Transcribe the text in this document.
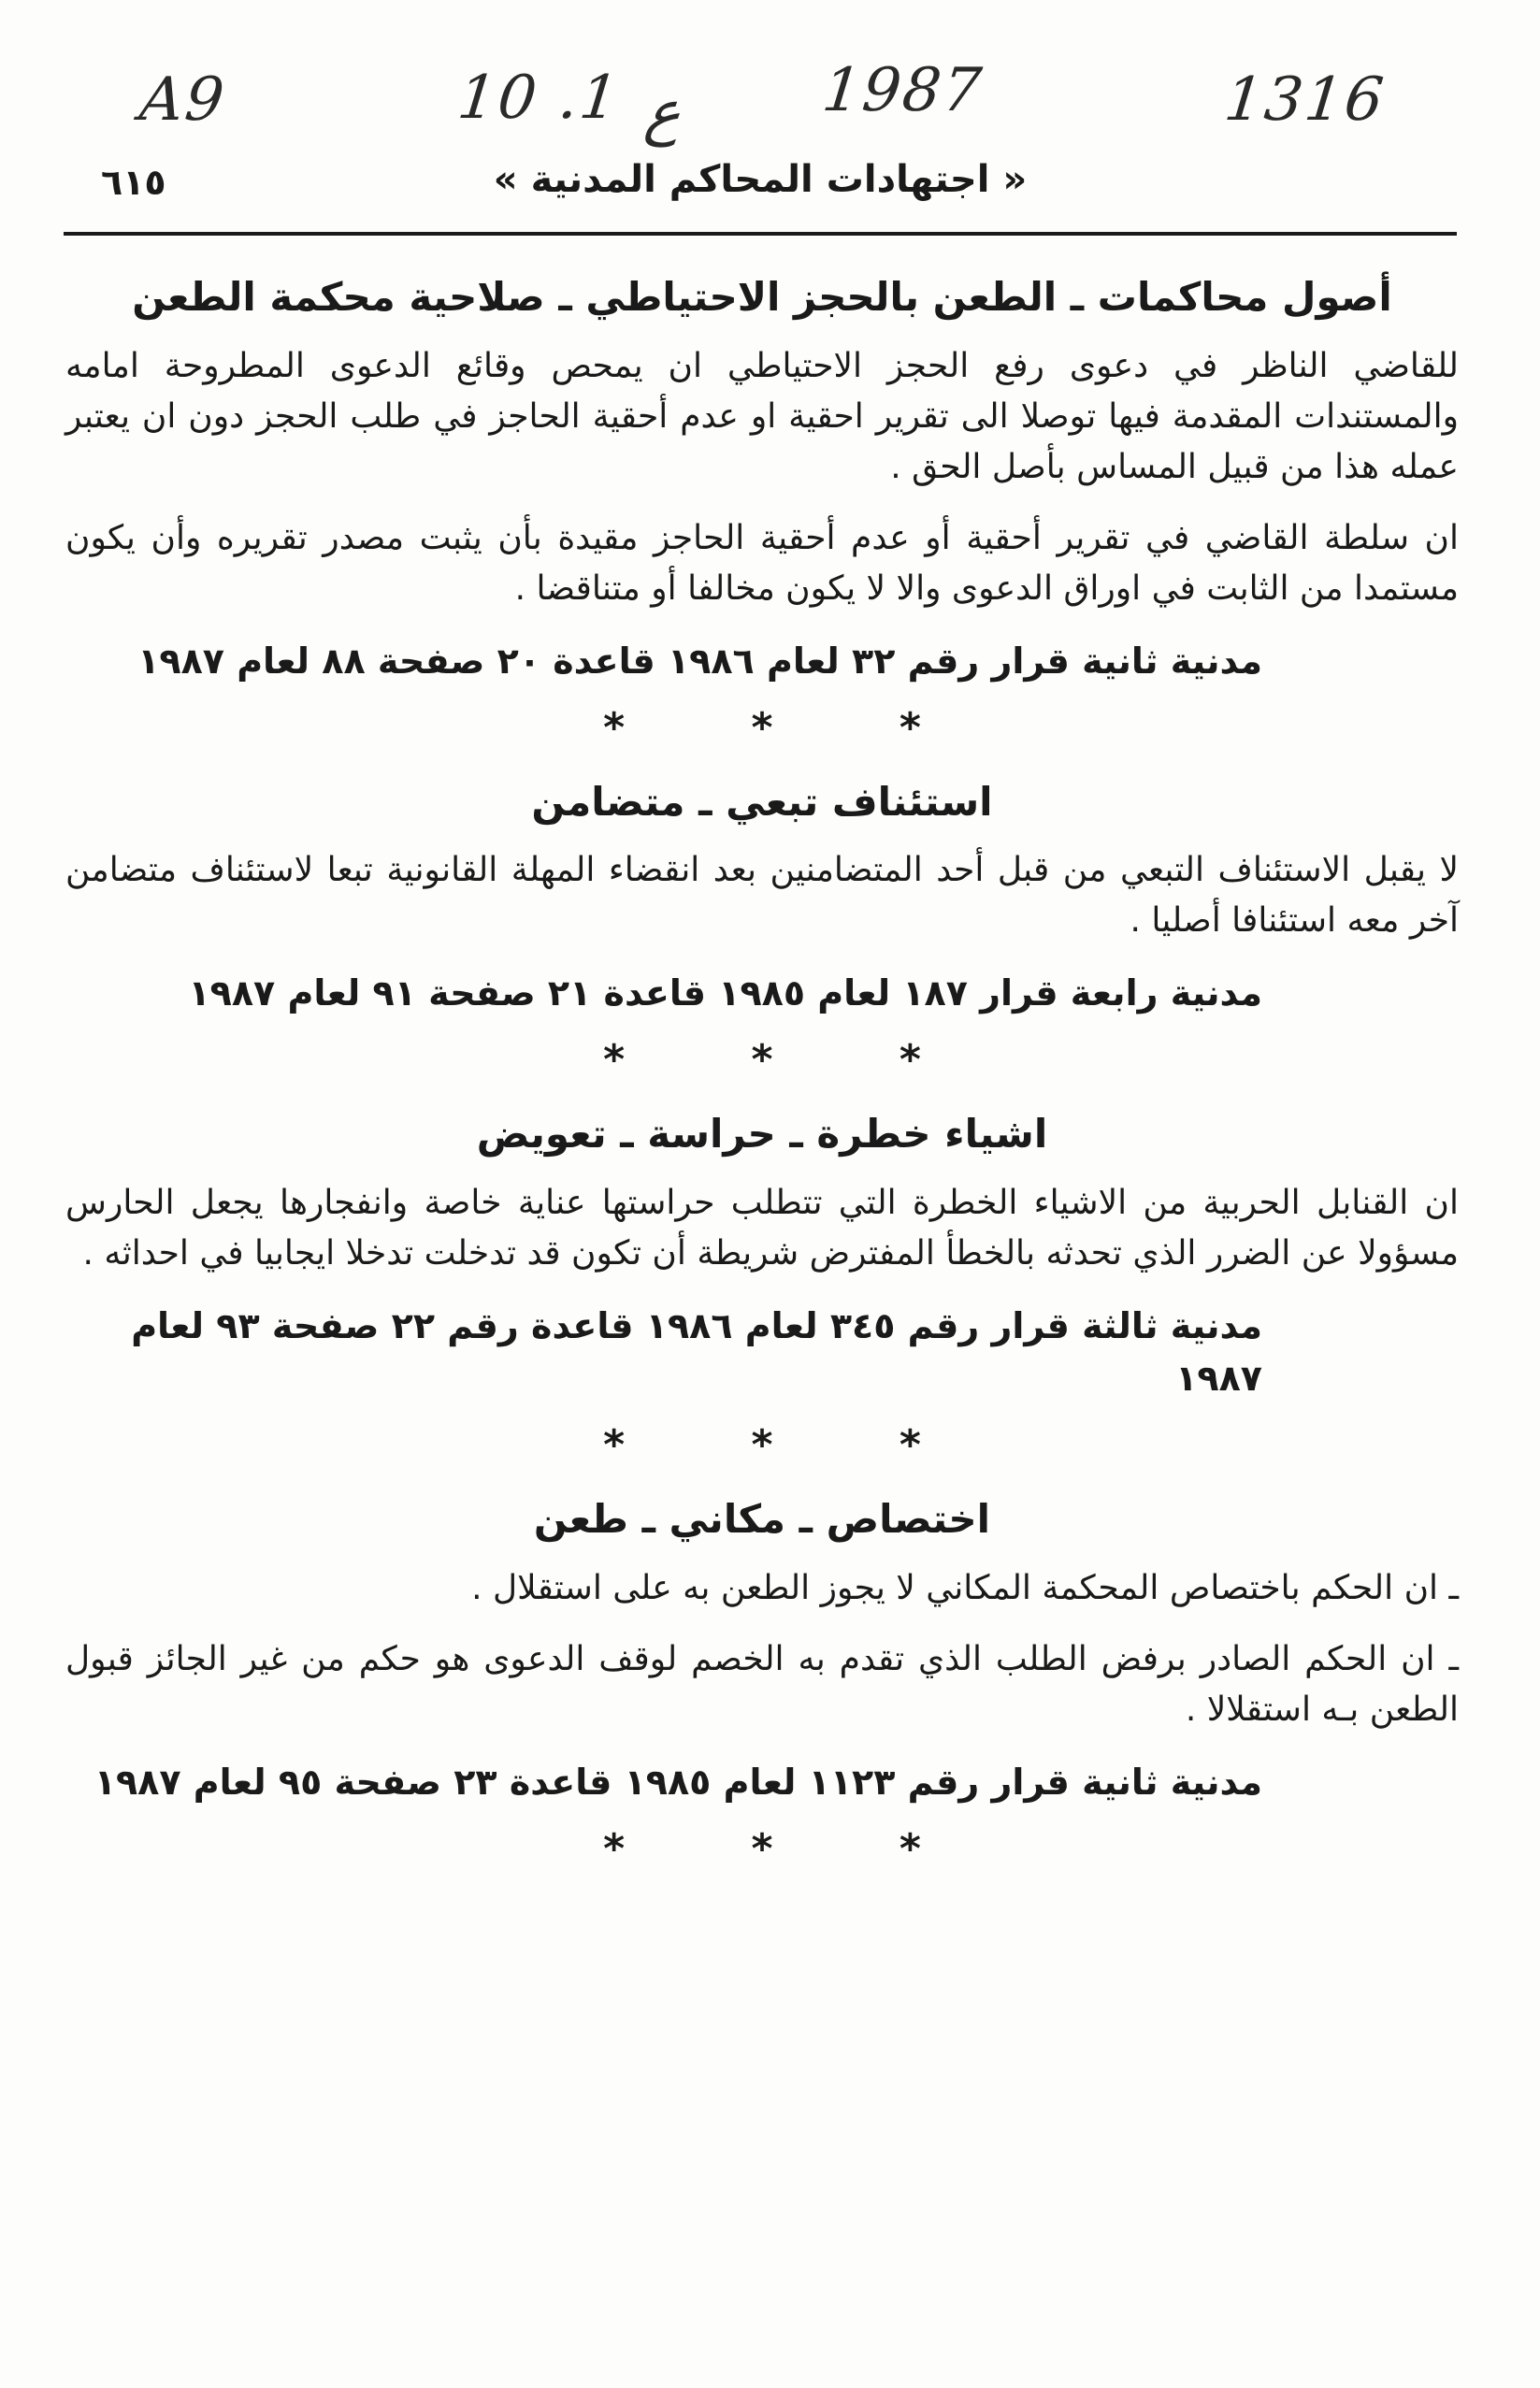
A9	10 .1 ع 1987	1316
« اجتهادات المحاكم المدنية »
٦١٥
أصول محاكمات ـ الطعن بالحجز الاحتياطي ـ صلاحية محكمة الطعن

للقاضي الناظر في دعوى رفع الحجز الاحتياطي ان يمحص وقائع الدعوى المطروحة امامه والمستندات المقدمة فيها توصلا الى تقرير احقية او عدم أحقية الحاجز في طلب الحجز دون ان يعتبر عمله هذا من قبيل المساس بأصل الحق .

ان سلطة القاضي في تقرير أحقية أو عدم أحقية الحاجز مقيدة بأن يثبت مصدر تقريره وأن يكون مستمدا من الثابت في اوراق الدعوى والا لا يكون مخالفا أو متناقضا .

مدنية ثانية قرار رقم ٣٢ لعام ١٩٨٦ قاعدة ٢٠ صفحة ٨٨ لعام ١٩٨٧
* * *
استئناف تبعي ـ متضامن

لا يقبل الاستئناف التبعي من قبل أحد المتضامنين بعد انقضاء المهلة القانونية تبعا لاستئناف متضامن آخر معه استئنافا أصليا .

مدنية رابعة قرار ١٨٧ لعام ١٩٨٥ قاعدة ٢١ صفحة ٩١ لعام ١٩٨٧
* * *
اشياء خطرة ـ حراسة ـ تعويض

ان القنابل الحربية من الاشياء الخطرة التي تتطلب حراستها عناية خاصة وانفجارها يجعل الحارس مسؤولا عن الضرر الذي تحدثه بالخطأ المفترض شريطة أن تكون قد تدخلت تدخلا ايجابيا في احداثه .

مدنية ثالثة قرار رقم ٣٤٥ لعام ١٩٨٦ قاعدة رقم ٢٢ صفحة ٩٣ لعام ١٩٨٧
* * *
اختصاص ـ مكاني ـ طعن

ـ ان الحكم باختصاص المحكمة المكاني لا يجوز الطعن به على استقلال .

ـ ان الحكم الصادر برفض الطلب الذي تقدم به الخصم لوقف الدعوى هو حكم من غير الجائز قبول الطعن بـه استقلالا .

مدنية ثانية قرار رقم ١١٢٣ لعام ١٩٨٥ قاعدة ٢٣ صفحة ٩٥ لعام ١٩٨٧
* * *
